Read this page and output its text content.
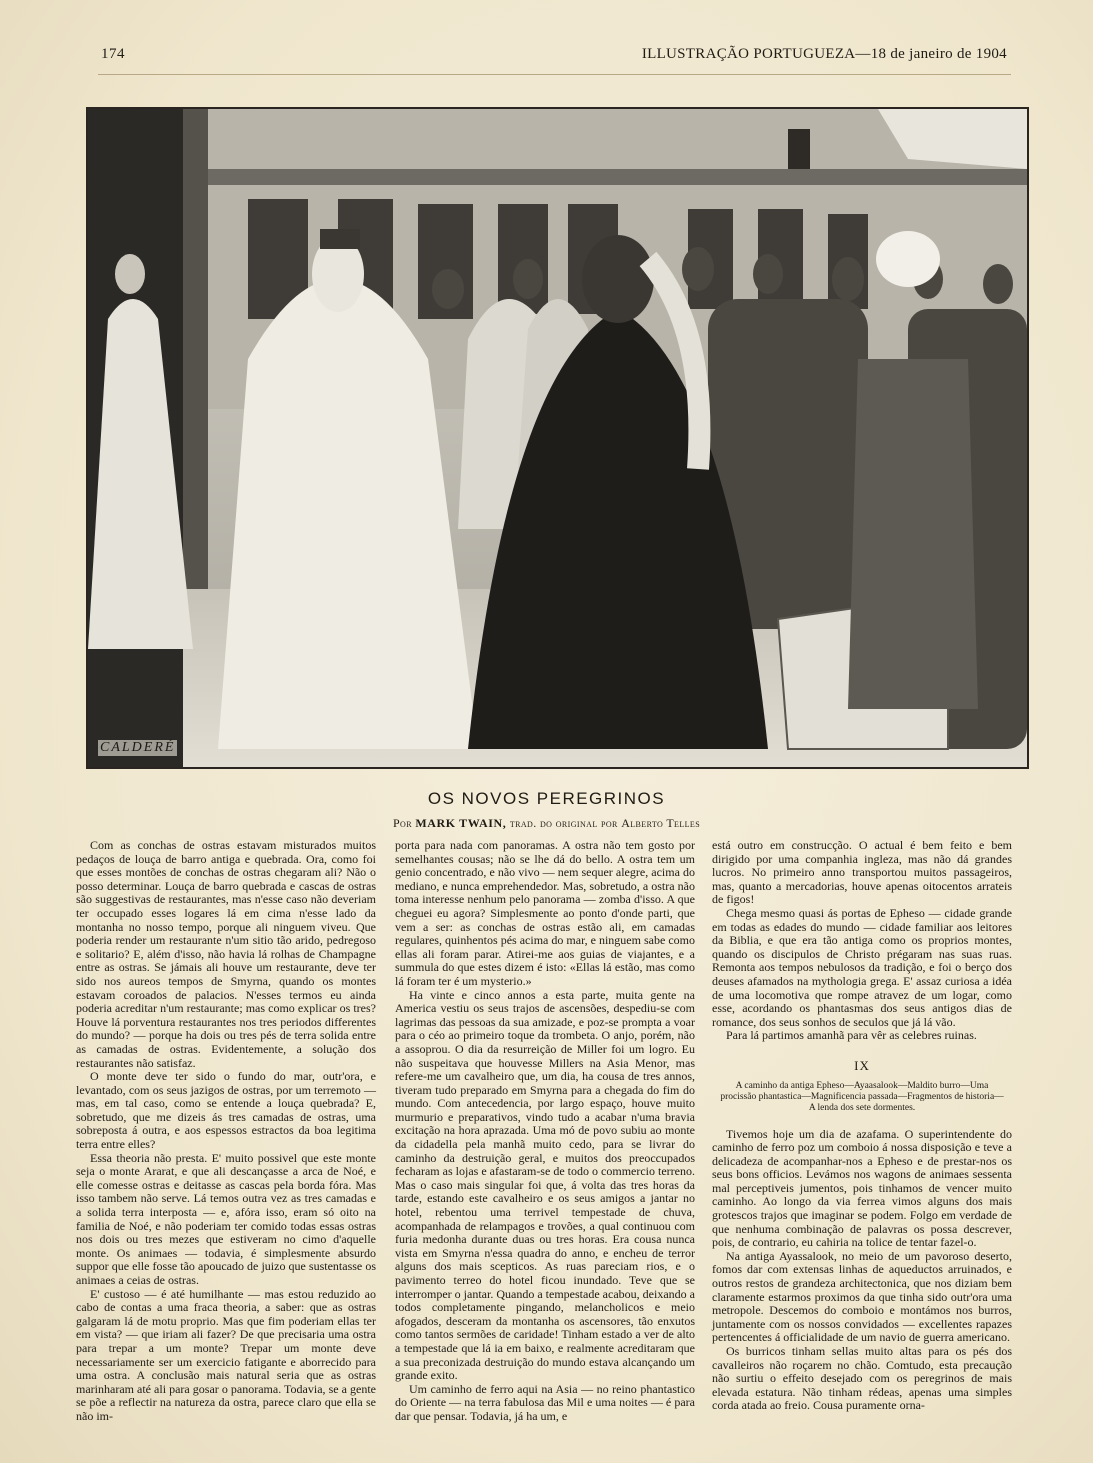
174	ILLUSTRAÇÃO PORTUGUEZA—18 de janeiro de 1904
CALDERÉ
OS NOVOS PEREGRINOS
Por MARK TWAIN, trad. do original por Alberto Telles

Com as conchas de ostras estavam misturados muitos pedaços de louça de barro antiga e quebrada. Ora, como foi que esses montões de conchas de ostras chegaram ali? Não o posso determinar. Louça de barro quebrada e cascas de ostras são suggestivas de restaurantes, mas n'esse caso não deveriam ter occupado esses logares lá em cima n'esse lado da montanha no nosso tempo, porque ali ninguem viveu. Que poderia render um restaurante n'um sitio tão arido, pedregoso e solitario? E, além d'isso, não havia lá rolhas de Champagne entre as ostras. Se jámais ali houve um restaurante, deve ter sido nos aureos tempos de Smyrna, quando os montes estavam coroados de palacios. N'esses termos eu ainda poderia acreditar n'um restaurante; mas como explicar os tres? Houve lá porventura restaurantes nos tres periodos differentes do mundo? — porque ha dois ou tres pés de terra solida entre as camadas de ostras. Evidentemente, a solução dos restaurantes não satisfaz.

O monte deve ter sido o fundo do mar, outr'ora, e levantado, com os seus jazigos de ostras, por um terremoto — mas, em tal caso, como se entende a louça quebrada? E, sobretudo, que me dizeis ás tres camadas de ostras, uma sobreposta á outra, e aos espessos estractos da boa legitima terra entre elles?

Essa theoria não presta. E' muito possivel que este monte seja o monte Ararat, e que ali descançasse a arca de Noé, e elle comesse ostras e deitasse as cascas pela borda fóra. Mas isso tambem não serve. Lá temos outra vez as tres camadas e a solida terra interposta — e, afóra isso, eram só oito na familia de Noé, e não poderiam ter comido todas essas ostras nos dois ou tres mezes que estiveram no cimo d'aquelle monte. Os animaes — todavia, é simplesmente absurdo suppor que elle fosse tão apoucado de juizo que sustentasse os animaes a ceias de ostras.

E' custoso — é até humilhante — mas estou reduzido ao cabo de contas a uma fraca theoria, a saber: que as ostras galgaram lá de motu proprio. Mas que fim poderiam ellas ter em vista? — que iriam ali fazer? De que precisaria uma ostra para trepar a um monte? Trepar um monte deve necessariamente ser um exercicio fatigante e aborrecido para uma ostra. A conclusão mais natural seria que as ostras marinharam até ali para gosar o panorama. Todavia, se a gente se põe a reflectir na natureza da ostra, parece claro que ella se não im-

porta para nada com panoramas. A ostra não tem gosto por semelhantes cousas; não se lhe dá do bello. A ostra tem um genio concentrado, e não vivo — nem sequer alegre, acima do mediano, e nunca emprehendedor. Mas, sobretudo, a ostra não toma interesse nenhum pelo panorama — zomba d'isso. A que cheguei eu agora? Simplesmente ao ponto d'onde parti, que vem a ser: as conchas de ostras estão ali, em camadas regulares, quinhentos pés acima do mar, e ninguem sabe como ellas ali foram parar. Atirei-me aos guias de viajantes, e a summula do que estes dizem é isto: «Ellas lá estão, mas como lá foram ter é um mysterio.»

Ha vinte e cinco annos a esta parte, muita gente na America vestiu os seus trajos de ascensões, despediu-se com lagrimas das pessoas da sua amizade, e poz-se prompta a voar para o céo ao primeiro toque da trombeta. O anjo, porém, não a assoprou. O dia da resurreição de Miller foi um logro. Eu não suspeitava que houvesse Millers na Asia Menor, mas refere-me um cavalheiro que, um dia, ha cousa de tres annos, tiveram tudo preparado em Smyrna para a chegada do fim do mundo. Com antecedencia, por largo espaço, houve muito murmurio e preparativos, vindo tudo a acabar n'uma bravia excitação na hora aprazada. Uma mó de povo subiu ao monte da cidadella pela manhã muito cedo, para se livrar do caminho da destruição geral, e muitos dos preoccupados fecharam as lojas e afastaram-se de todo o commercio terreno. Mas o caso mais singular foi que, á volta das tres horas da tarde, estando este cavalheiro e os seus amigos a jantar no hotel, rebentou uma terrivel tempestade de chuva, acompanhada de relampagos e trovões, a qual continuou com furia medonha durante duas ou tres horas. Era cousa nunca vista em Smyrna n'essa quadra do anno, e encheu de terror alguns dos mais scepticos. As ruas pareciam rios, e o pavimento terreo do hotel ficou inundado. Teve que se interromper o jantar. Quando a tempestade acabou, deixando a todos completamente pingando, melancholicos e meio afogados, desceram da montanha os ascensores, tão enxutos como tantos sermões de caridade! Tinham estado a ver de alto a tempestade que lá ia em baixo, e realmente acreditaram que a sua preconizada destruição do mundo estava alcançando um grande exito.

Um caminho de ferro aqui na Asia — no reino phantastico do Oriente — na terra fabulosa das Mil e uma noites — é para dar que pensar. Todavia, já ha um, e

está outro em construcção. O actual é bem feito e bem dirigido por uma companhia ingleza, mas não dá grandes lucros. No primeiro anno transportou muitos passageiros, mas, quanto a mercadorias, houve apenas oitocentos arrateis de figos!

Chega mesmo quasi ás portas de Epheso — cidade grande em todas as edades do mundo — cidade familiar aos leitores da Biblia, e que era tão antiga como os proprios montes, quando os discipulos de Christo prégaram nas suas ruas. Remonta aos tempos nebulosos da tradição, e foi o berço dos deuses afamados na mythologia grega. E' assaz curiosa a idéa de uma locomotiva que rompe atravez de um logar, como esse, acordando os phantasmas dos seus antigos dias de romance, dos seus sonhos de seculos que já lá vão.

Para lá partimos amanhã para vêr as celebres ruinas.

IX
A caminho da antiga Epheso—Ayaasalook—Maldito burro—Uma procissão phantastica—Magnificencia passada—Fragmentos de historia—A lenda dos sete dormentes.

Tivemos hoje um dia de azafama. O superintendente do caminho de ferro poz um comboio á nossa disposição e teve a delicadeza de acompanhar-nos a Epheso e de prestar-nos os seus bons officios. Levámos nos wagons de animaes sessenta mal perceptiveis jumentos, pois tinhamos de vencer muito caminho. Ao longo da via ferrea vimos alguns dos mais grotescos trajos que imaginar se podem. Folgo em verdade de que nenhuma combinação de palavras os possa descrever, pois, de contrario, eu cahiria na tolice de tentar fazel-o.

Na antiga Ayassalook, no meio de um pavoroso deserto, fomos dar com extensas linhas de aqueductos arruinados, e outros restos de grandeza architectonica, que nos diziam bem claramente estarmos proximos da que tinha sido outr'ora uma metropole. Descemos do comboio e montámos nos burros, juntamente com os nossos convidados — excellentes rapazes pertencentes á officialidade de um navio de guerra americano.

Os burricos tinham sellas muito altas para os pés dos cavalleiros não roçarem no chão. Comtudo, esta precaução não surtiu o effeito desejado com os peregrinos de mais elevada estatura. Não tinham rédeas, apenas uma simples corda atada ao freio. Cousa puramente orna-
